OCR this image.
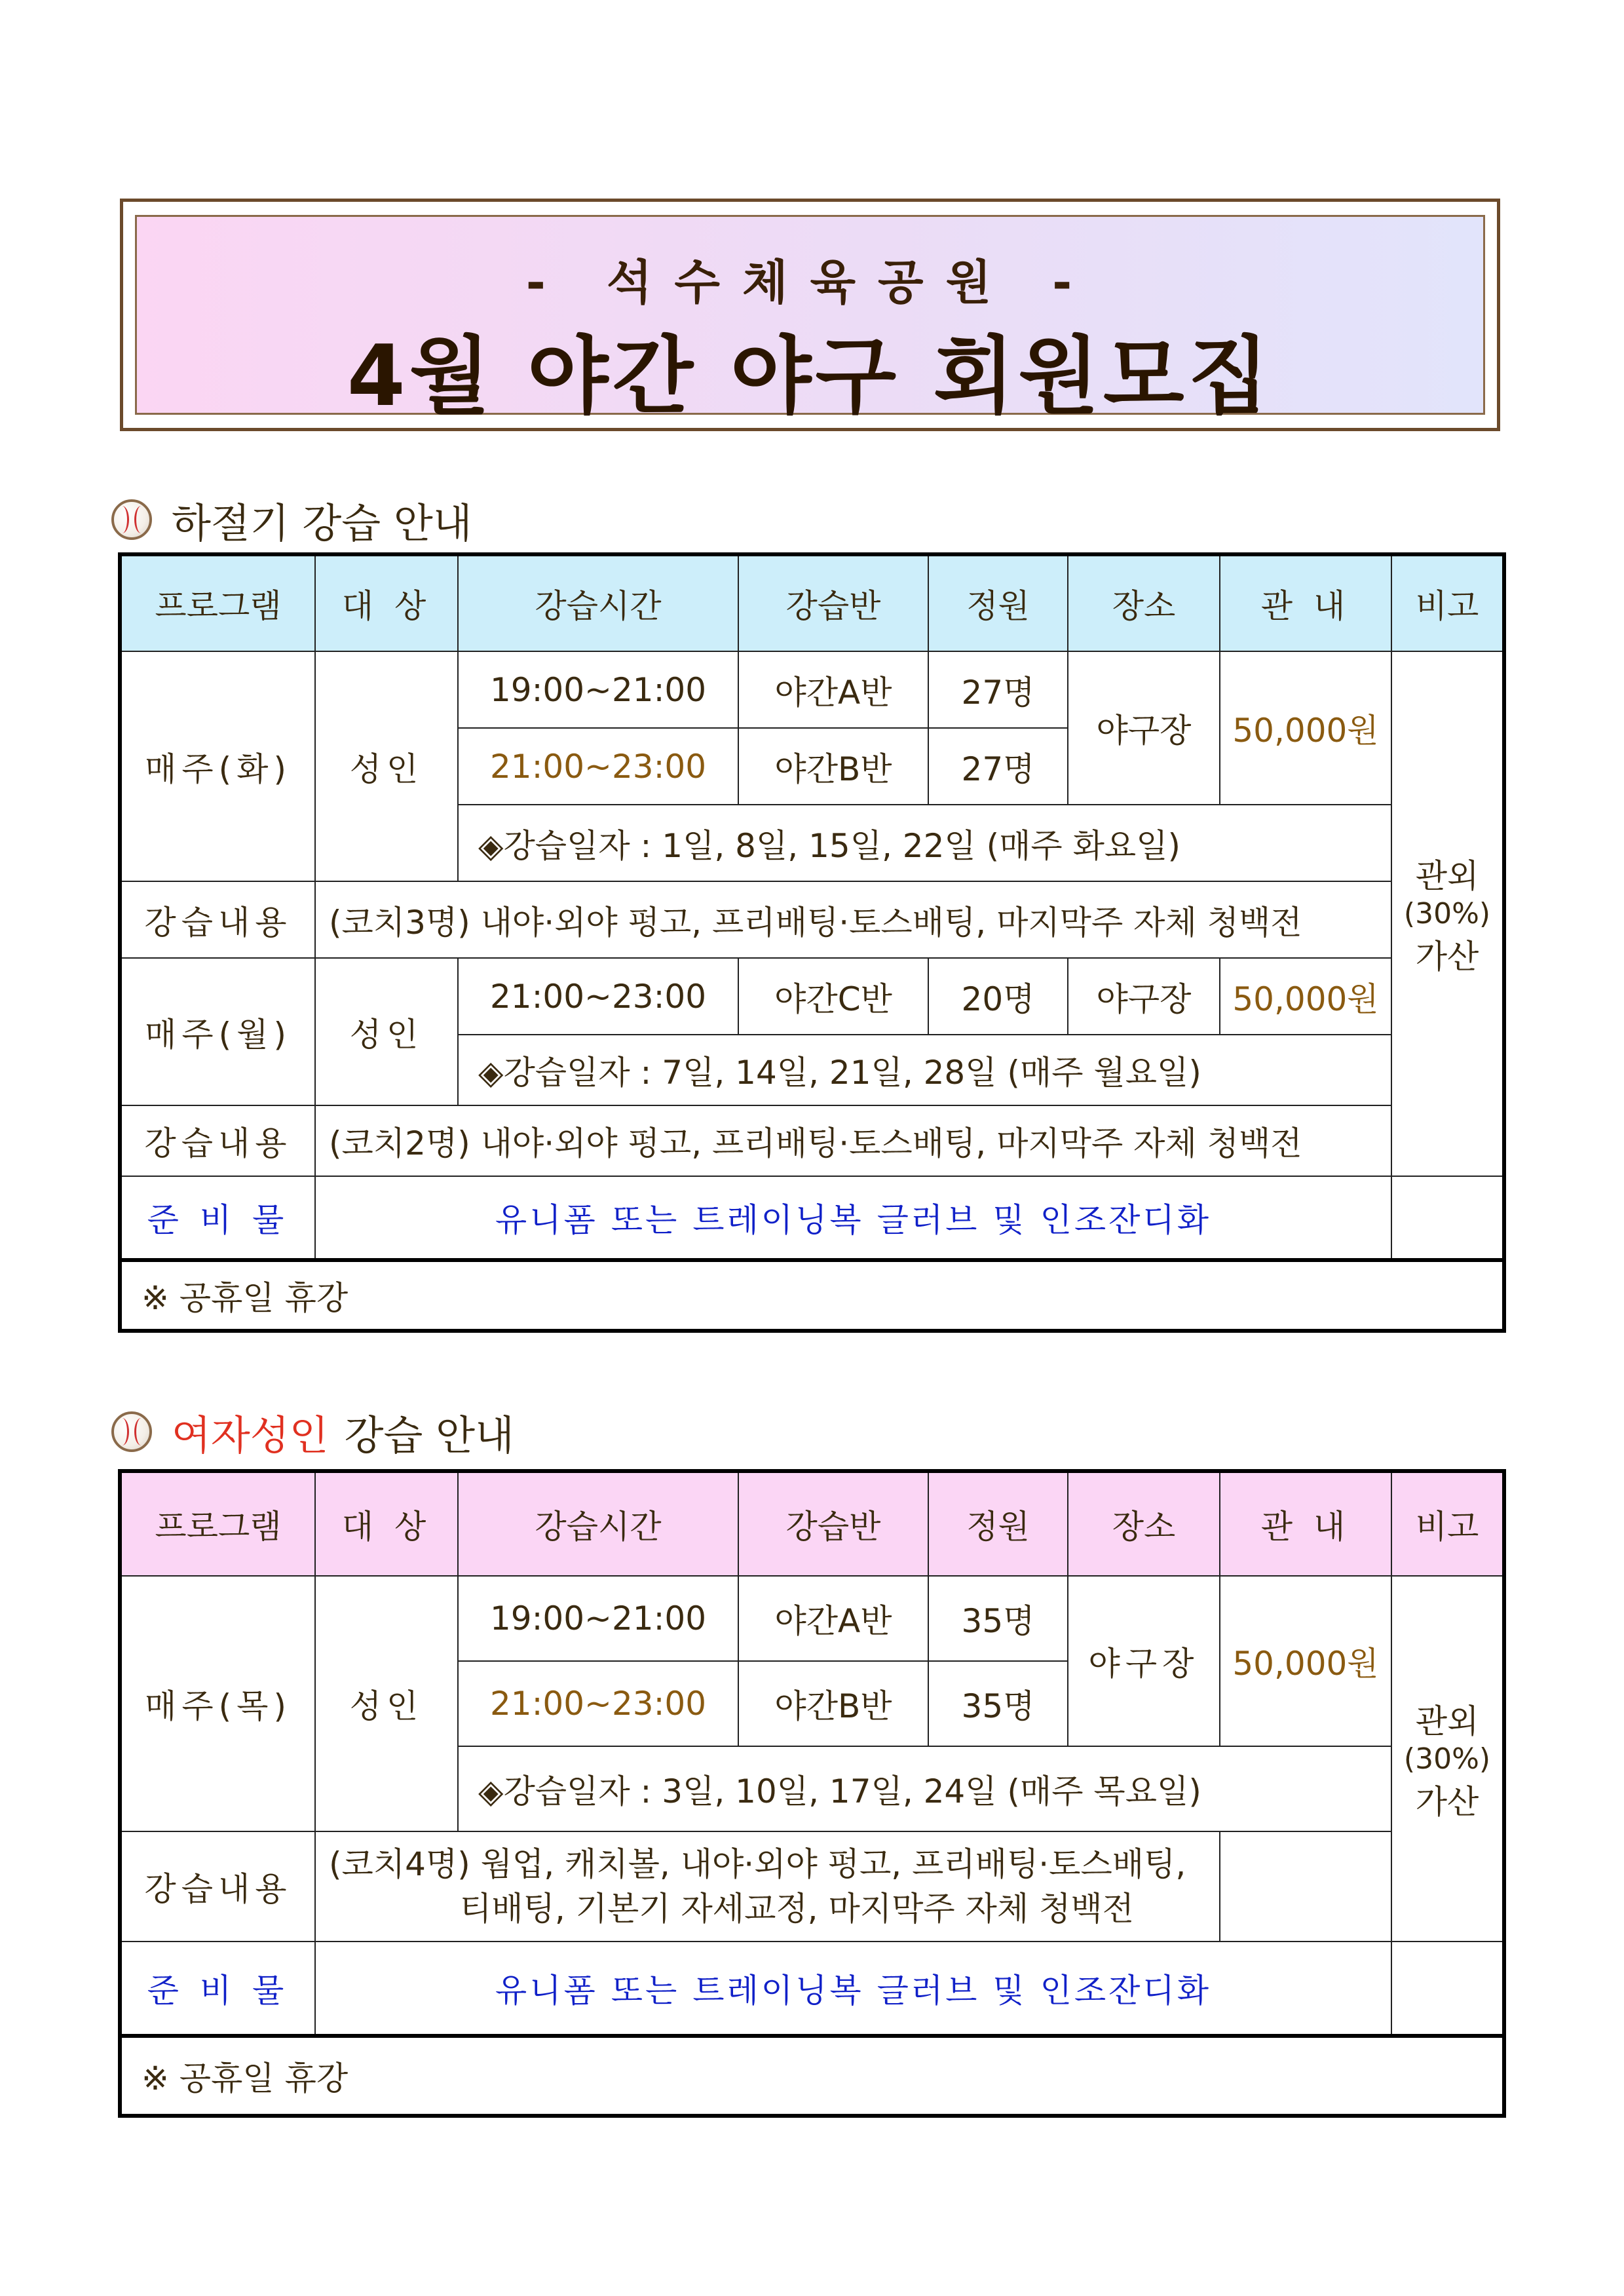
- 석수체육공원 -
4월 야간 야구 회원모집
하절기 강습 안내
프로그램	대 상	강습시간	강습반	정원	장소	관 내	비고
매주(화)	성인	19:00~21:00	야간A반	27명	야구장	50,000원	관외
(30%)
가산

		21:00~23:00	야간B반	27명			
		◈강습일자 : 1일, 8일, 15일, 22일 (매주 화요일)					
강습내용	(코치3명) 내야·외야 펑고, 프리배팅·토스배팅, 마지막주 자체 청백전						
매주(월)	성인	21:00~23:00	야간C반	20명	야구장	50,000원	
		◈강습일자 : 7일, 14일, 21일, 28일 (매주 월요일)					
강습내용	(코치2명) 내야·외야 펑고, 프리배팅·토스배팅, 마지막주 자체 청백전						
준 비 물	유니폼 또는 트레이닝복 글러브 및 인조잔디화						
※ 공휴일 휴강							
여자성인 강습 안내
프로그램	대 상	강습시간	강습반	정원	장소	관 내	비고
매주(목)	성인	19:00~21:00	야간A반	35명	야구장	50,000원	관외
(30%)
가산

		21:00~23:00	야간B반	35명			
		◈강습일자 : 3일, 10일, 17일, 24일 (매주 목요일)					
강습내용	(코치4명) 웜업, 캐치볼, 내야·외야 펑고, 프리배팅·토스배팅,
티배팅, 기본기 자세교정, 마지막주 자체 청백전						

준 비 물	유니폼 또는 트레이닝복 글러브 및 인조잔디화						
※ 공휴일 휴강							
